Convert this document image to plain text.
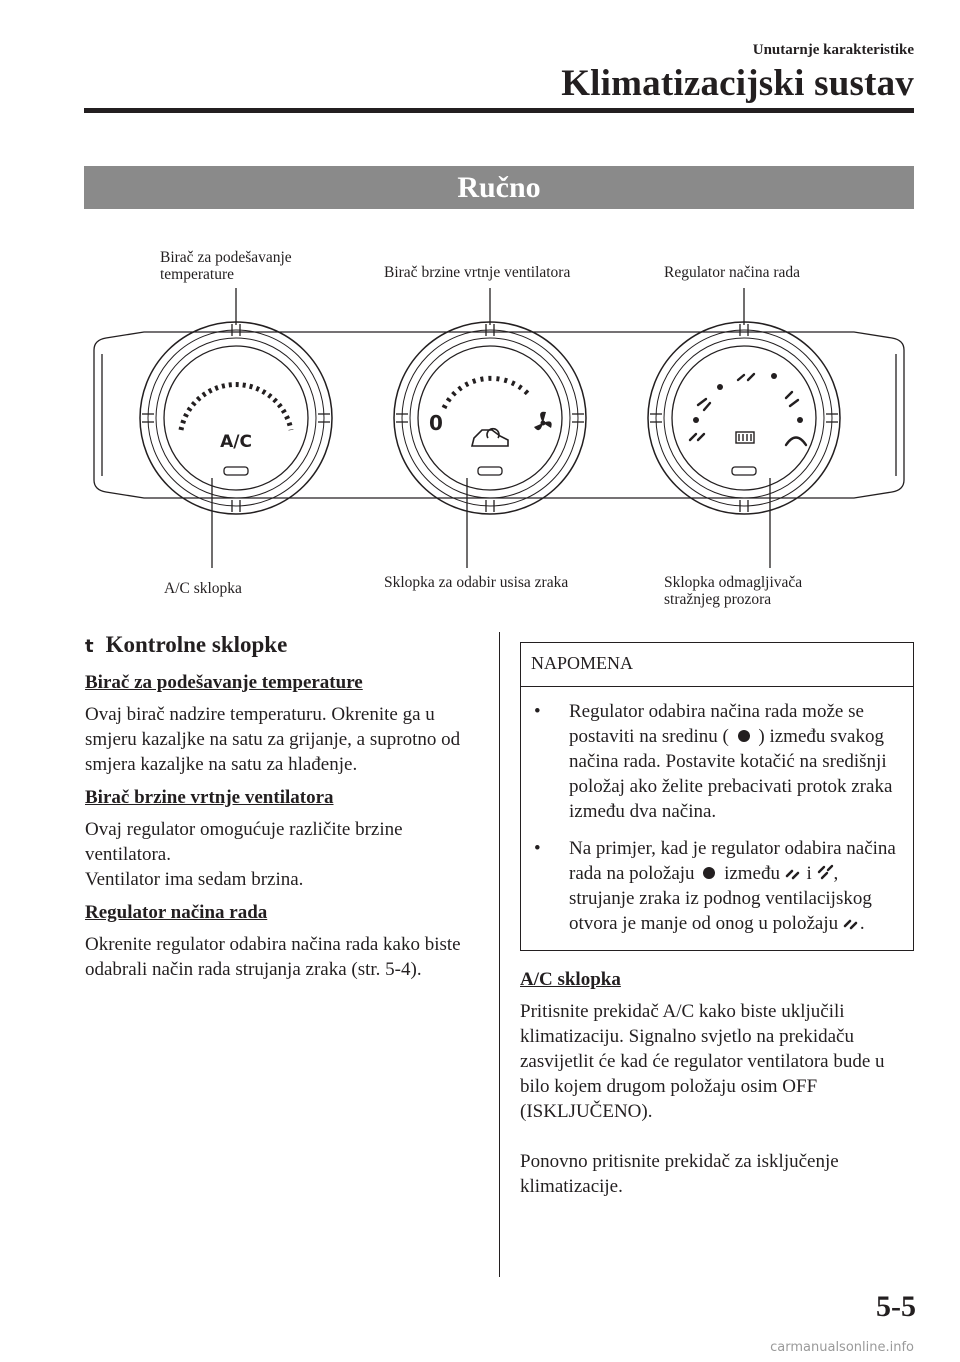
Unutarnje karakteristike
Klimatizacijski sustav
Ručno
A/C
0
Birač za podešavanje temperature	Birač brzine vrtnje ventilatora	Regulator načina rada
A/C sklopka	Sklopka za odabir usisa zraka	Sklopka odmagljivača
stražnjeg prozora
t Kontrolne sklopke
Birač za podešavanje temperature
Ovaj birač nadzire temperaturu. Okrenite ga u smjeru kazaljke na satu za grijanje, a suprotno od smjera kazaljke na satu za hlađenje.
Birač brzine vrtnje ventilatora
Ovaj regulator omogućuje različite brzine ventilatora.
Ventilator ima sedam brzina.
Regulator načina rada
Okrenite regulator odabira načina rada kako biste odabrali način rada strujanja zraka (str. 5-4).
NAPOMENA
• Regulator odabira načina rada može se postaviti na sredinu ( ) između svakog načina rada. Postavite kotačić na središnji položaj ako želite prebacivati protok zraka između dva načina.
• Na primjer, kad je regulator odabira načina rada na položaju između i , strujanje zraka iz podnog ventilacijskog otvora je manje od onog u položaju .
A/C sklopka
Pritisnite prekidač A/C kako biste uključili klimatizaciju. Signalno svjetlo na prekidaču zasvijetlit će kad će regulator ventilatora bude u bilo kojem drugom položaju osim OFF (ISKLJUČENO).
Ponovno pritisnite prekidač za isključenje klimatizacije.
5-5
carmanualsonline.info
